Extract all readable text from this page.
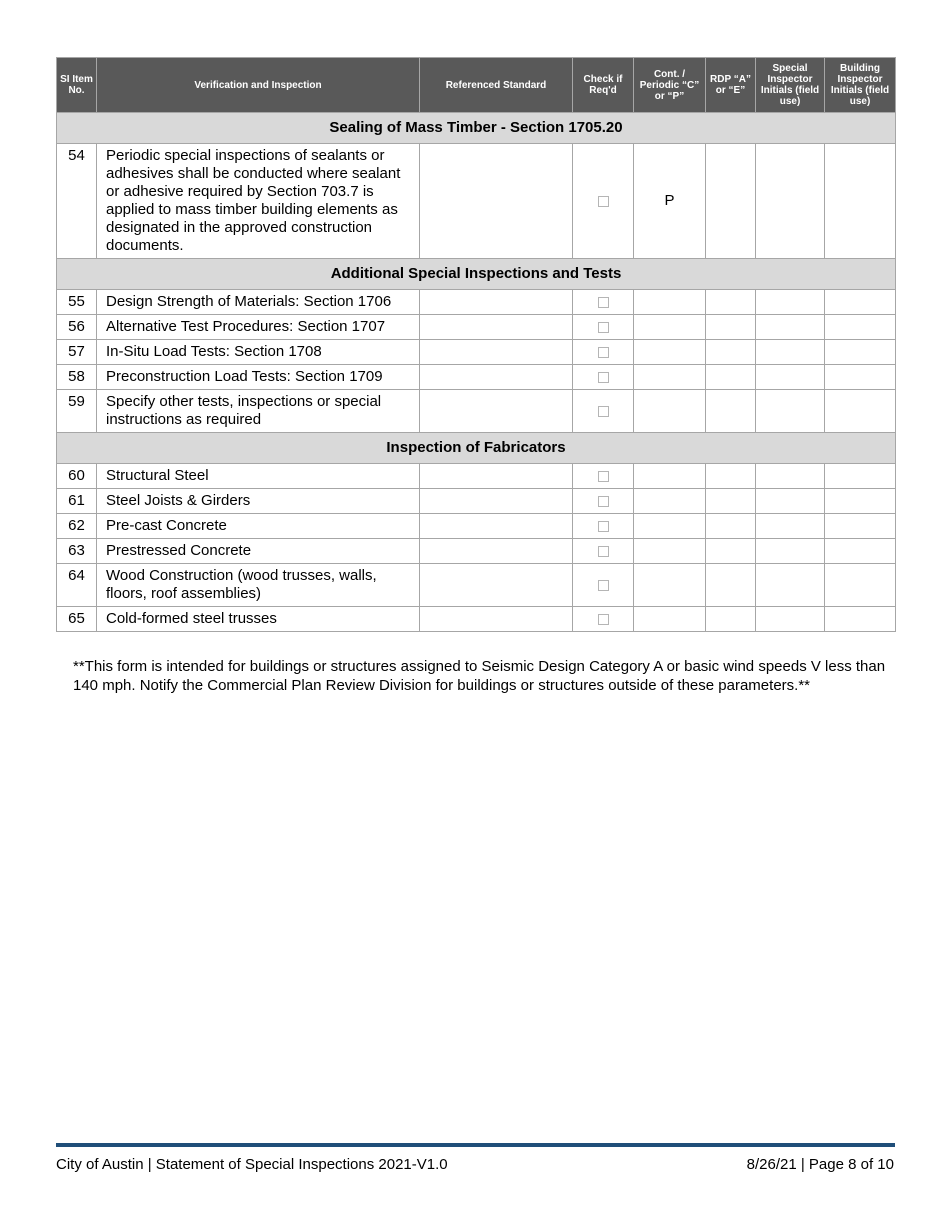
SI Item No.	Verification and Inspection	Referenced Standard	Check if Req'd	Cont. / Periodic “C” or “P”	RDP “A” or “E”	Special Inspector Initials (field use)	Building Inspector Initials (field use)
Sealing of Mass Timber - Section 1705.20							
54	Periodic special inspections of sealants or adhesives shall be conducted where sealant or adhesive required by Section 703.7 is applied to mass timber building elements as designated in the approved construction documents.			P			
Additional Special Inspections and Tests							
55	Design Strength of Materials: Section 1706						
56	Alternative Test Procedures: Section 1707						
57	In-Situ Load Tests: Section 1708						
58	Preconstruction Load Tests: Section 1709						
59	Specify other tests, inspections or special instructions as required						
Inspection of Fabricators							
60	Structural Steel						
61	Steel Joists & Girders						
62	Pre-cast Concrete						
63	Prestressed Concrete						
64	Wood Construction (wood trusses, walls, floors, roof assemblies)						
65	Cold-formed steel trusses						
**This form is intended for buildings or structures assigned to Seismic Design Category A or basic wind speeds V less than 140 mph. Notify the Commercial Plan Review Division for buildings or structures outside of these parameters.**
City of Austin | Statement of Special Inspections 2021-V1.0	8/26/21 | Page 8 of 10
